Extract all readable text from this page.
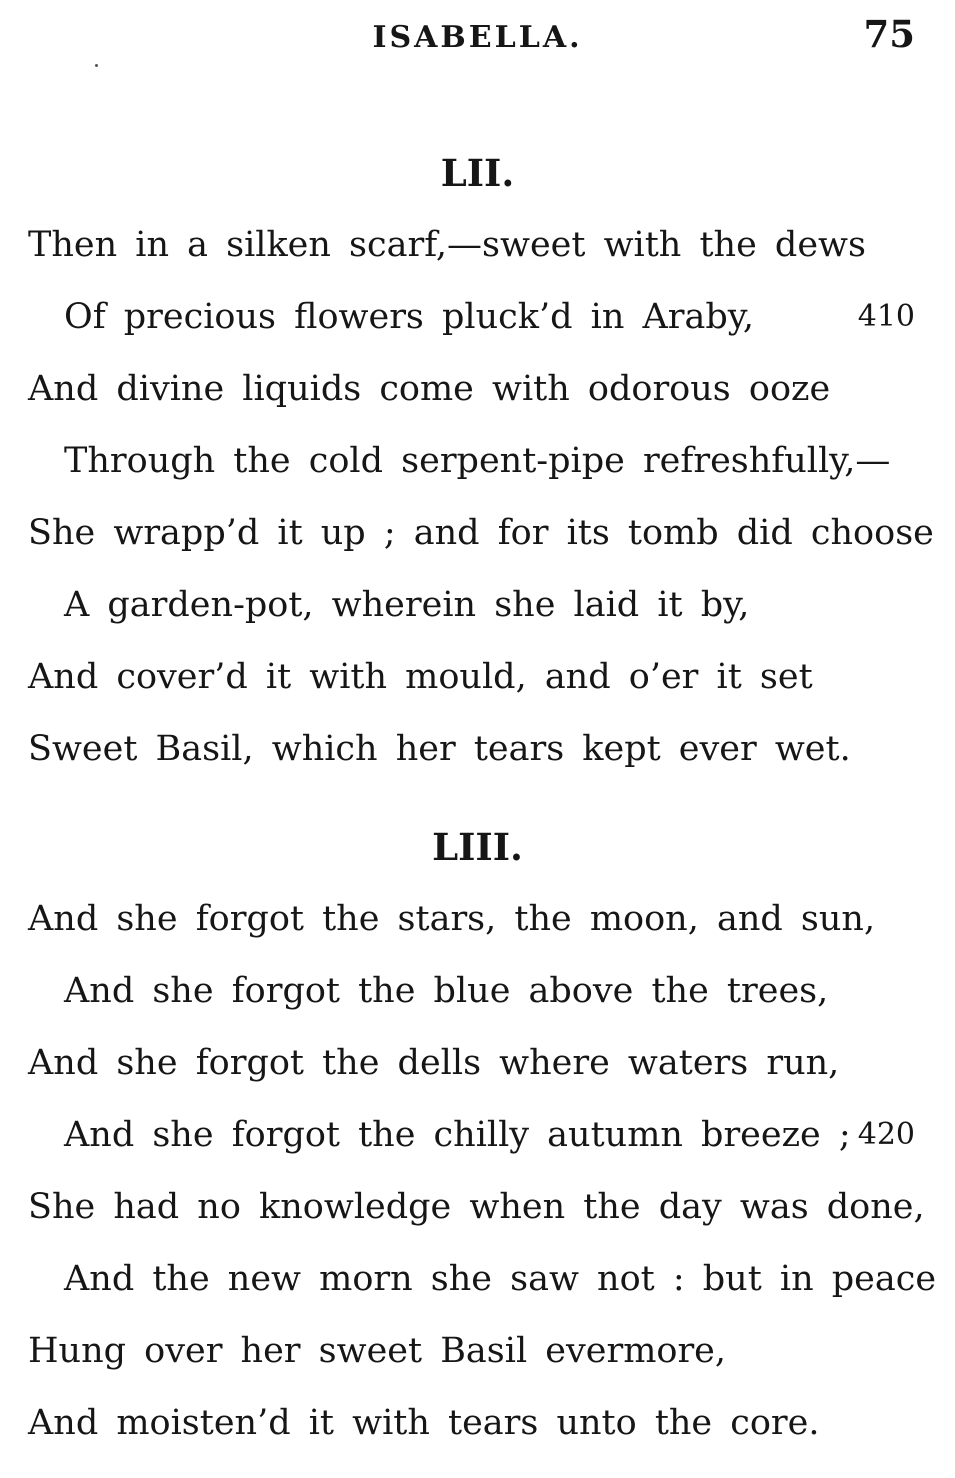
ISABELLA.	75
LII.
Then in a silken scarf,—sweet with the dews
Of precious flowers pluck’d in Araby,	410
And divine liquids come with odorous ooze
Through the cold serpent-pipe refreshfully,—
She wrapp’d it up ; and for its tomb did choose
A garden-pot, wherein she laid it by,
And cover’d it with mould, and o’er it set
Sweet Basil, which her tears kept ever wet.
LIII.
And she forgot the stars, the moon, and sun,
And she forgot the blue above the trees,
And she forgot the dells where waters run,
And she forgot the chilly autumn breeze ; 420
She had no knowledge when the day was done,
And the new morn she saw not : but in peace
Hung over her sweet Basil evermore,
And moisten’d it with tears unto the core.
